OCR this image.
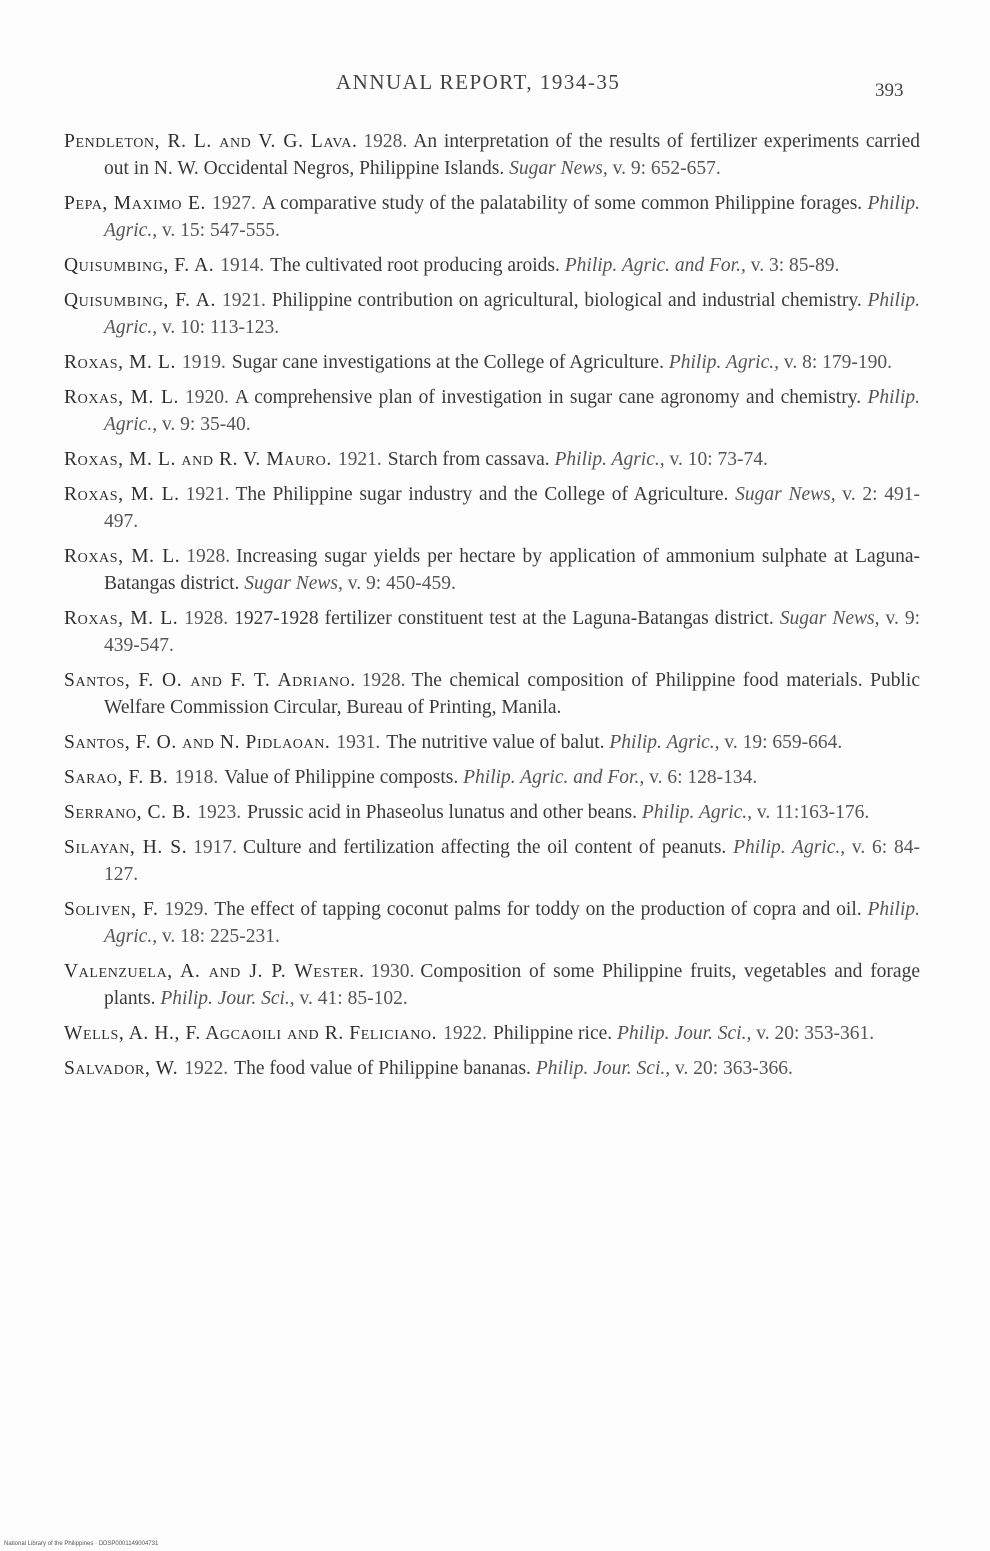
ANNUAL REPORT, 1934-35	393
Pendleton, R. L. and V. G. Lava. 1928. An interpretation of the results of fertilizer experiments carried out in N. W. Occidental Negros, Philippine Islands. Sugar News, v. 9: 652-657.
Pepa, Maximo E. 1927. A comparative study of the palatability of some common Philippine forages. Philip. Agric., v. 15: 547-555.
Quisumbing, F. A. 1914. The cultivated root producing aroids. Philip. Agric. and For., v. 3: 85-89.
Quisumbing, F. A. 1921. Philippine contribution on agricultural, biological and industrial chemistry. Philip. Agric., v. 10: 113-123.
Roxas, M. L. 1919. Sugar cane investigations at the College of Agriculture. Philip. Agric., v. 8: 179-190.
Roxas, M. L. 1920. A comprehensive plan of investigation in sugar cane agronomy and chemistry. Philip. Agric., v. 9: 35-40.
Roxas, M. L. and R. V. Mauro. 1921. Starch from cassava. Philip. Agric., v. 10: 73-74.
Roxas, M. L. 1921. The Philippine sugar industry and the College of Agriculture. Sugar News, v. 2: 491-497.
Roxas, M. L. 1928. Increasing sugar yields per hectare by application of ammonium sulphate at Laguna-Batangas district. Sugar News, v. 9: 450-459.
Roxas, M. L. 1928. 1927-1928 fertilizer constituent test at the Laguna-Batangas district. Sugar News, v. 9: 439-547.
Santos, F. O. and F. T. Adriano. 1928. The chemical composition of Philippine food materials. Public Welfare Commission Circular, Bureau of Printing, Manila.
Santos, F. O. and N. Pidlaoan. 1931. The nutritive value of balut. Philip. Agric., v. 19: 659-664.
Sarao, F. B. 1918. Value of Philippine composts. Philip. Agric. and For., v. 6: 128-134.
Serrano, C. B. 1923. Prussic acid in Phaseolus lunatus and other beans. Philip. Agric., v. 11:163-176.
Silayan, H. S. 1917. Culture and fertilization affecting the oil content of peanuts. Philip. Agric., v. 6: 84-127.
Soliven, F. 1929. The effect of tapping coconut palms for toddy on the production of copra and oil. Philip. Agric., v. 18: 225-231.
Valenzuela, A. and J. P. Wester. 1930. Composition of some Philippine fruits, vegetables and forage plants. Philip. Jour. Sci., v. 41: 85-102.
Wells, A. H., F. Agcaoili and R. Feliciano. 1922. Philippine rice. Philip. Jour. Sci., v. 20: 353-361.
Salvador, W. 1922. The food value of Philippine bananas. Philip. Jour. Sci., v. 20: 363-366.
National Library of the Philippines · DDSP0001149004731
